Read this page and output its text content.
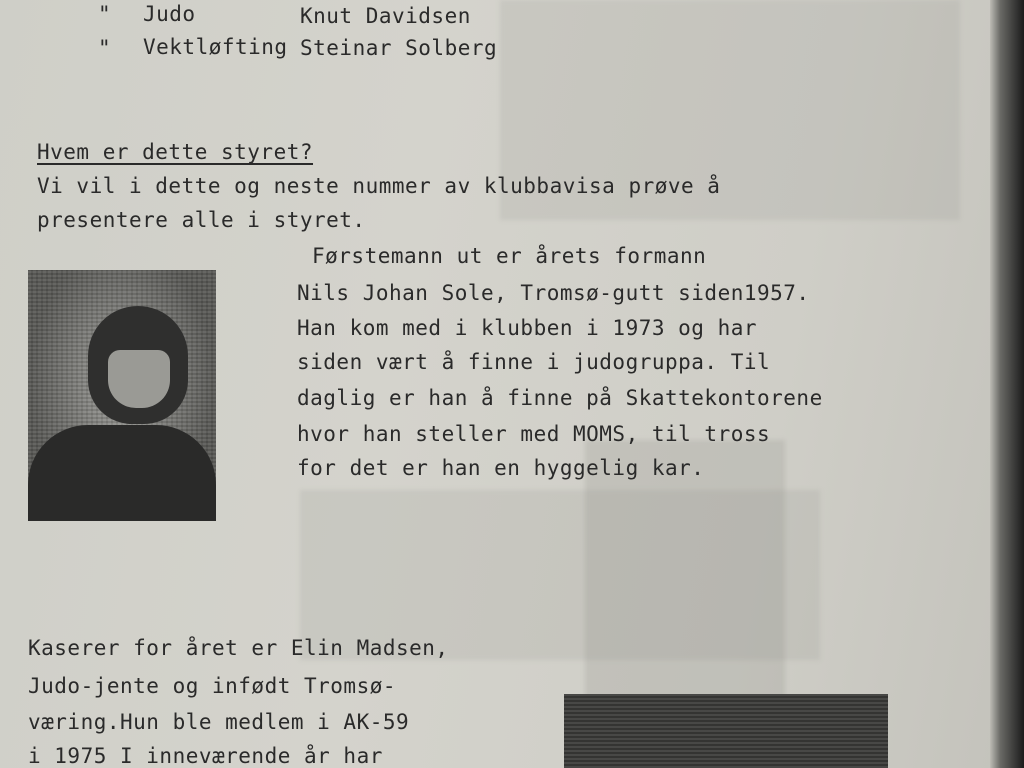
" Judo	Knut Davidsen
" Vektløfting Steinar Solberg
Hvem er dette styret?
Vi vil i dette og neste nummer av klubbavisa prøve å
presentere alle i styret.
Førstemann ut er årets formann
Nils Johan Sole, Tromsø-gutt siden1957.
Han kom med i klubben i 1973 og har
siden vært å finne i judogruppa. Til
daglig er han å finne på Skattekontorene
hvor han steller med MOMS, til tross
for det er han en hyggelig kar.
Kaserer for året er Elin Madsen,
Judo-jente og infødt Tromsø-
væring.Hun ble medlem i AK-59
i 1975 I inneværende år har
